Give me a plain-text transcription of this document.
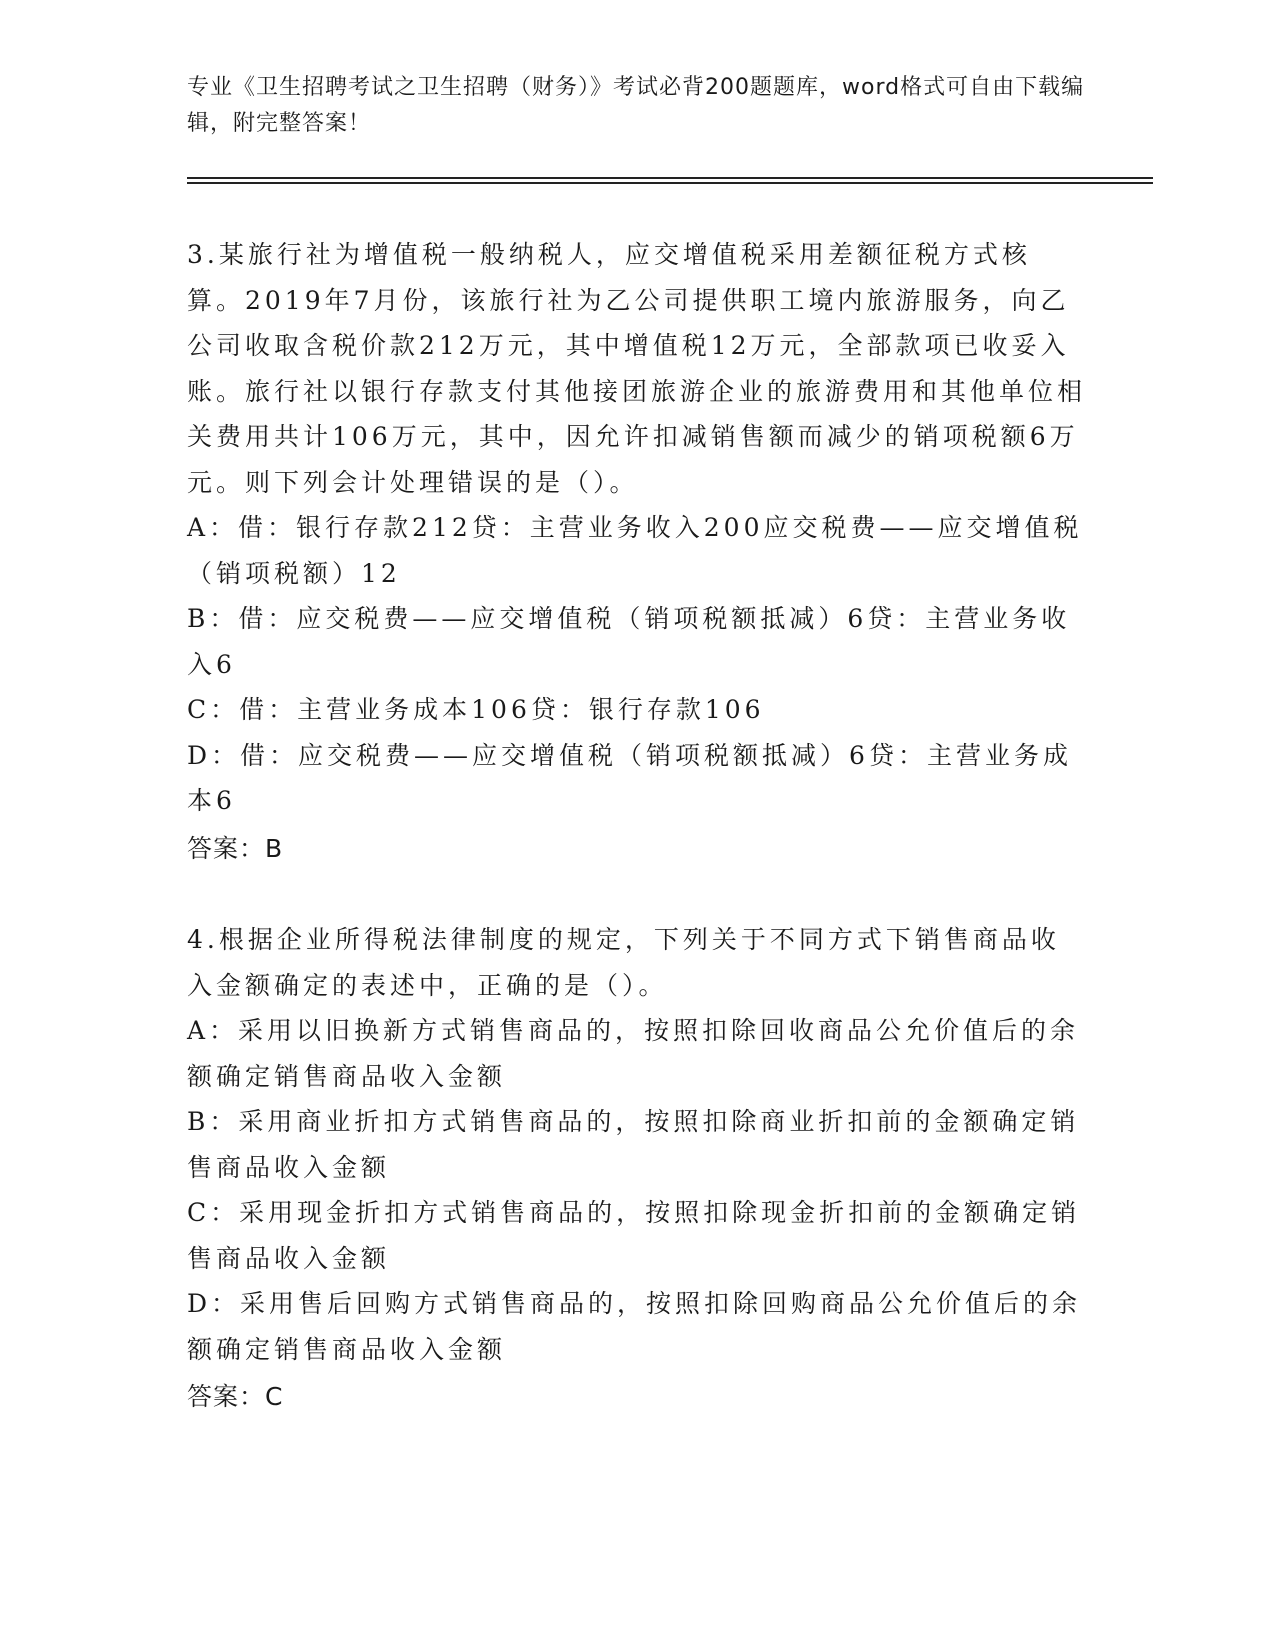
专业《卫生招聘考试之卫生招聘（财务）》考试必背200题题库，word格式可自由下载编辑，附完整答案！

3.某旅行社为增值税一般纳税人，应交增值税采用差额征税方式核算。2019年7月份，该旅行社为乙公司提供职工境内旅游服务，向乙公司收取含税价款212万元，其中增值税12万元，全部款项已收妥入账。旅行社以银行存款支付其他接团旅游企业的旅游费用和其他单位相关费用共计106万元，其中，因允许扣减销售额而减少的销项税额6万元。则下列会计处理错误的是（）。

A：借：银行存款212贷：主营业务收入200应交税费——应交增值税（销项税额）12

B：借：应交税费——应交增值税（销项税额抵减）6贷：主营业务收入6

C：借：主营业务成本106贷：银行存款106

D：借：应交税费——应交增值税（销项税额抵减）6贷：主营业务成本6

答案：B

4.根据企业所得税法律制度的规定，下列关于不同方式下销售商品收入金额确定的表述中，正确的是（）。

A：采用以旧换新方式销售商品的，按照扣除回收商品公允价值后的余额确定销售商品收入金额

B：采用商业折扣方式销售商品的，按照扣除商业折扣前的金额确定销售商品收入金额

C：采用现金折扣方式销售商品的，按照扣除现金折扣前的金额确定销售商品收入金额

D：采用售后回购方式销售商品的，按照扣除回购商品公允价值后的余额确定销售商品收入金额

答案：C
